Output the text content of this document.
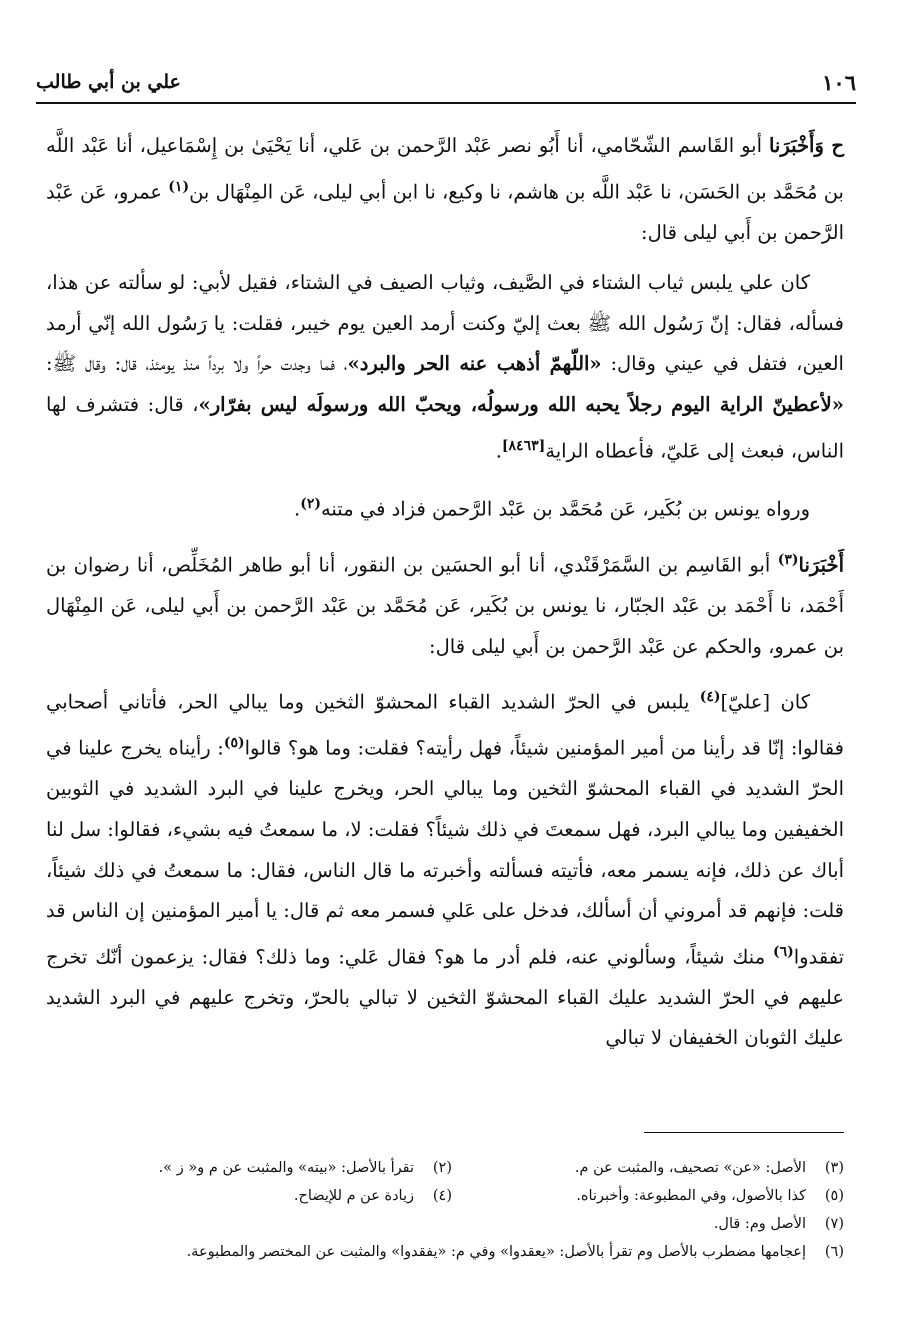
١٠٦
علي بن أبي طالب

ح وَأَخْبَرَنا أبو القَاسم الشّحّامي، أنا أَبُو نصر عَبْد الرَّحمن بن عَلي، أنا يَحْيَىٰ بن إِسْمَاعيل، أنا عَبْد اللَّه بن مُحَمَّد بن الحَسَن، نا عَبْد اللَّه بن هاشم، نا وكيع، نا ابن أبي ليلى، عَن المِنْهَال بن$^{(١)}$ عمرو، عَن عَبْد الرَّحمن بن أَبي ليلى قال:

كان علي يلبس ثياب الشتاء في الصَّيف، وثياب الصيف في الشتاء، فقيل لأبي: لو سألته عن هذا، فسأله، فقال: إنّ رَسُول الله ﷺ بعث إليّ وكنت أرمد العين يوم خيبر، فقلت: يا رَسُول الله إنّي أرمد العين، فتفل في عيني وقال: «اللّهمّ أذهب عنه الحر والبرد»، فما وجدت حراً ولا برداً منذ يومئذ، قال: وقال ﷺ: «لأعطينّ الراية اليوم رجلاً يحبه الله ورسولُه، ويحبّ الله ورسولَه ليس بفرّار»، قال: فتشرف لها الناس، فبعث إلى عَليّ، فأعطاه الراية[٨٤٦٣].

ورواه يونس بن بُكَير، عَن مُحَمَّد بن عَبْد الرَّحمن فزاد في متنه$^{(٢)}$.

أَخْبَرَنا$^{(٣)}$ أبو القَاسِم بن السَّمَرْقَنْدي، أنا أبو الحسَين بن النقور، أنا أبو طاهر المُخَلِّص، أنا رضوان بن أَحْمَد، نا أَحْمَد بن عَبْد الجبّار، نا يونس بن بُكَير، عَن مُحَمَّد بن عَبْد الرَّحمن بن أَبي ليلى، عَن المِنْهَال بن عمرو، والحكم عن عَبْد الرَّحمن بن أَبي ليلى قال:

كان [عليّ]$^{(٤)}$ يلبس في الحرّ الشديد القباء المحشوّ الثخين وما يبالي الحر، فأتاني أصحابي فقالوا: إنّا قد رأينا من أمير المؤمنين شيئاً، فهل رأيته؟ فقلت: وما هو؟ قالوا$^{(٥)}$: رأيناه يخرج علينا في الحرّ الشديد في القباء المحشوّ الثخين وما يبالي الحر، ويخرج علينا في البرد الشديد في الثوبين الخفيفين وما يبالي البرد، فهل سمعتَ في ذلك شيئاً؟ فقلت: لا، ما سمعتُ فيه بشيء، فقالوا: سل لنا أباك عن ذلك، فإنه يسمر معه، فأتيته فسألته وأخبرته ما قال الناس، فقال: ما سمعتُ في ذلك شيئاً، قلت: فإنهم قد أمروني أن أسألك، فدخل على عَلي فسمر معه ثم قال: يا أمير المؤمنين إن الناس قد تفقدوا$^{(٦)}$ منك شيئاً، وسألوني عنه، فلم أدر ما هو؟ فقال عَلي: وما ذلك؟ فقال: يزعمون أنّك تخرج عليهم في الحرّ الشديد عليك القباء المحشوّ الثخين لا تبالي بالحرّ، وتخرج عليهم في البرد الشديد عليك الثوبان الخفيفان لا تبالي

(٣)
الأصل: «عن» تصحيف، والمثبت عن م.
(٢)
تقرأ بالأصل: «بيته» والمثبت عن م و« ز ».
(٥)
كذا بالأصول، وفي المطبوعة: وأخبرناه.
(٤)
زيادة عن م للإيضاح.
(٧)
الأصل وم: قال.
(٦)
إعجامها مضطرب بالأصل وم تقرأ بالأصل: «يعقدوا» وفي م: «يفقدوا» والمثبت عن المختصر والمطبوعة.
